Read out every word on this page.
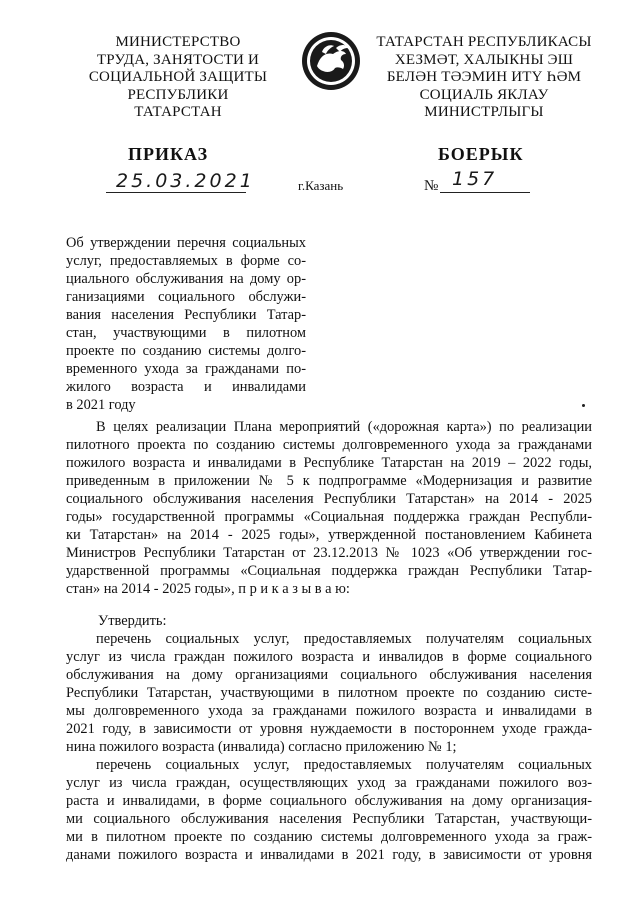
МИНИСТЕРСТВО
ТРУДА, ЗАНЯТОСТИ И
СОЦИАЛЬНОЙ ЗАЩИТЫ
РЕСПУБЛИКИ
ТАТАРСТАН
ТАТАРСТАН РЕСПУБЛИКАСЫ
ХЕЗМӘТ, ХАЛЫКНЫ ЭШ
БЕЛӘН ТӘЭМИН ИТҮ ҺӘМ
СОЦИАЛЬ ЯКЛАУ
МИНИСТРЛЫГЫ
ПРИКАЗ	БОЕРЫК
25.03.2021	г.Казань	№ 157
Об утверждении перечня социальных
услуг, предоставляемых в форме со-
циального обслуживания на дому ор-
ганизациями социального обслужи-
вания населения Республики Татар-
стан, участвующими в пилотном
проекте по созданию системы долго-
временного ухода за гражданами по-
жилого возраста и инвалидами
в 2021 году
В целях реализации Плана мероприятий («дорожная карта») по реализации
пилотного проекта по созданию системы долговременного ухода за гражданами
пожилого возраста и инвалидами в Республике Татарстан на 2019 – 2022 годы,
приведенным в приложении № 5 к подпрограмме «Модернизация и развитие
социального обслуживания населения Республики Татарстан» на 2014 - 2025
годы» государственной программы «Социальная поддержка граждан Республи-
ки Татарстан» на 2014 - 2025 годы», утвержденной постановлением Кабинета
Министров Республики Татарстан от 23.12.2013 № 1023 «Об утверждении гос-
ударственной программы «Социальная поддержка граждан Республики Татар-
стан» на 2014 - 2025 годы», п р и к а з ы в а ю:
Утвердить:
перечень социальных услуг, предоставляемых получателям социальных
услуг из числа граждан пожилого возраста и инвалидов в форме социального
обслуживания на дому организациями социального обслуживания населения
Республики Татарстан, участвующими в пилотном проекте по созданию систе-
мы долговременного ухода за гражданами пожилого возраста и инвалидами в
2021 году, в зависимости от уровня нуждаемости в постороннем уходе гражда-
нина пожилого возраста (инвалида) согласно приложению № 1;
перечень социальных услуг, предоставляемых получателям социальных
услуг из числа граждан, осуществляющих уход за гражданами пожилого воз-
раста и инвалидами, в форме социального обслуживания на дому организация-
ми социального обслуживания населения Республики Татарстан, участвующи-
ми в пилотном проекте по созданию системы долговременного ухода за граж-
данами пожилого возраста и инвалидами в 2021 году, в зависимости от уровня
